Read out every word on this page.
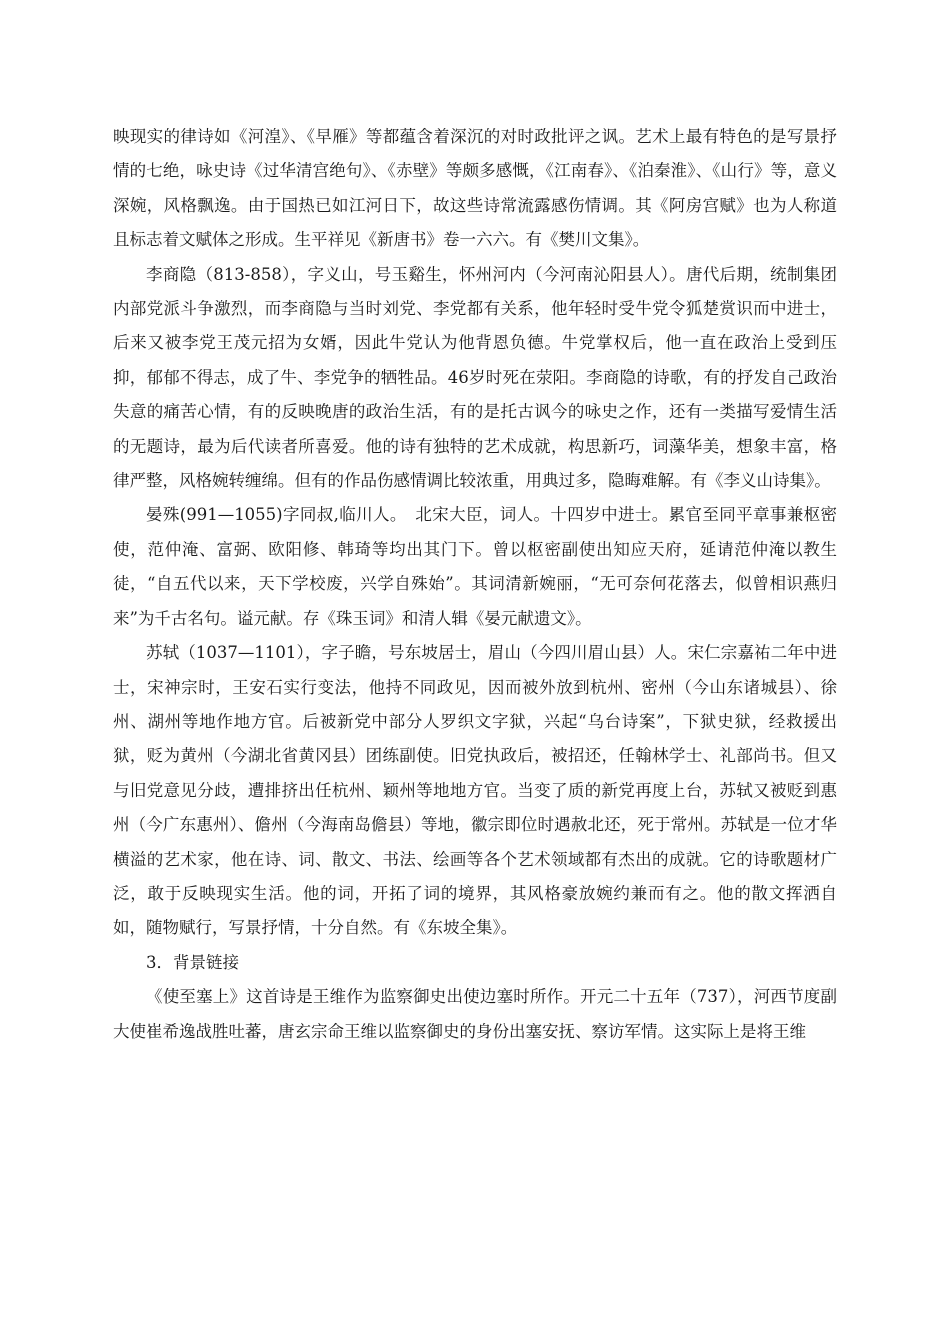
映现实的律诗如《河湟》、《早雁》等都蕴含着深沉的对时政批评之讽。艺术上最有特色的是写景抒情的七绝，咏史诗《过华清宫绝句》、《赤壁》等颇多感慨，《江南春》、《泊秦淮》、《山行》等，意义深婉，风格飘逸。由于国热已如江河日下，故这些诗常流露感伤情调。其《阿房宫赋》也为人称道且标志着文赋体之形成。生平祥见《新唐书》卷一六六。有《樊川文集》。

李商隐（813-858），字义山，号玉谿生，怀州河内（今河南沁阳县人）。唐代后期，统制集团内部党派斗争激烈，而李商隐与当时刘党、李党都有关系，他年轻时受牛党令狐楚赏识而中进士，后来又被李党王茂元招为女婿，因此牛党认为他背恩负德。牛党掌权后，他一直在政治上受到压抑，郁郁不得志，成了牛、李党争的牺牲品。46岁时死在荥阳。李商隐的诗歌，有的抒发自己政治失意的痛苦心情，有的反映晚唐的政治生活，有的是托古讽今的咏史之作，还有一类描写爱情生活的无题诗，最为后代读者所喜爱。他的诗有独特的艺术成就，构思新巧，词藻华美，想象丰富，格律严整，风格婉转缠绵。但有的作品伤感情调比较浓重，用典过多，隐晦难解。有《李义山诗集》。

晏殊(991—1055)字同叔,临川人。　北宋大臣，词人。十四岁中进士。累官至同平章事兼枢密使，范仲淹、富弼、欧阳修、韩琦等均出其门下。曾以枢密副使出知应天府，延请范仲淹以教生徒，“自五代以来，天下学校废，兴学自殊始”。其词清新婉丽，“无可奈何花落去，似曾相识燕归来”为千古名句。谥元献。存《珠玉词》和清人辑《晏元献遗文》。

苏轼（1037—1101），字子瞻，号东坡居士，眉山（今四川眉山县）人。宋仁宗嘉祐二年中进士，宋神宗时，王安石实行变法，他持不同政见，因而被外放到杭州、密州（今山东诸城县）、徐州、湖州等地作地方官。后被新党中部分人罗织文字狱，兴起“乌台诗案”，下狱史狱，经救援出狱，贬为黄州（今湖北省黄冈县）团练副使。旧党执政后，被招还，任翰林学士、礼部尚书。但又与旧党意见分歧，遭排挤出任杭州、颖州等地地方官。当变了质的新党再度上台，苏轼又被贬到惠州（今广东惠州）、儋州（今海南岛儋县）等地，徽宗即位时遇赦北还，死于常州。苏轼是一位才华横溢的艺术家，他在诗、词、散文、书法、绘画等各个艺术领域都有杰出的成就。它的诗歌题材广泛，敢于反映现实生活。他的词，开拓了词的境界，其风格豪放婉约兼而有之。他的散文挥洒自如，随物赋行，写景抒情，十分自然。有《东坡全集》。

3．背景链接

《使至塞上》这首诗是王维作为监察御史出使边塞时所作。开元二十五年（737），河西节度副大使崔希逸战胜吐蕃，唐玄宗命王维以监察御史的身份出塞安抚、察访军情。这实际上是将王维
